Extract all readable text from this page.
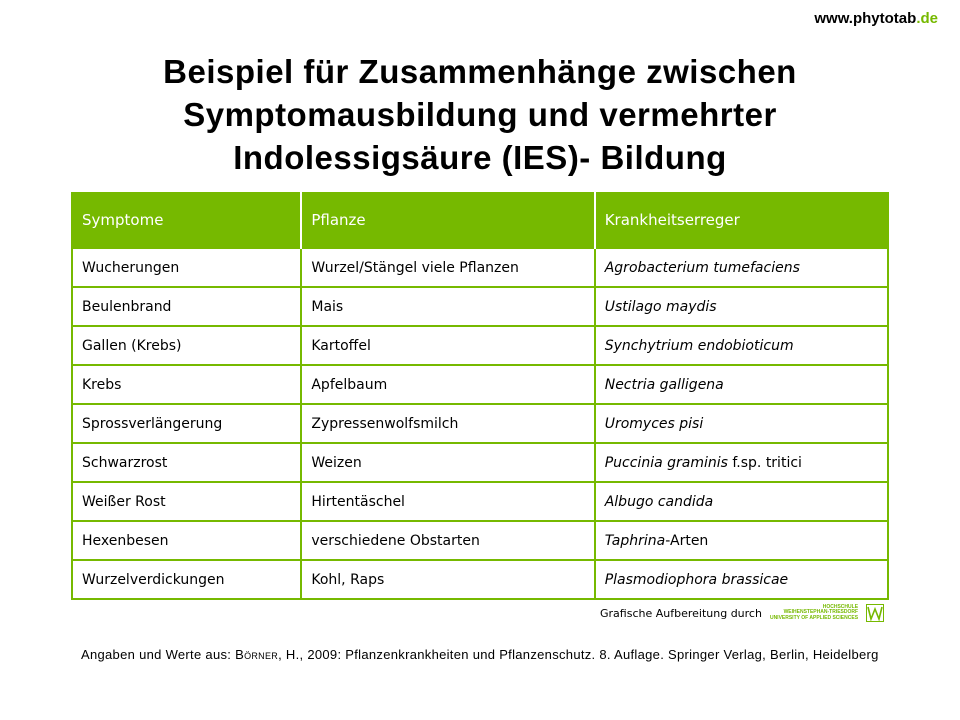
www.phytotab.de
Beispiel für Zusammenhänge zwischen
Symptomausbildung und vermehrter
Indolessigsäure (IES)- Bildung
Symptome	Pflanze	Krankheitserreger
Wucherungen	Wurzel/Stängel viele Pflanzen	Agrobacterium tumefaciens
Beulenbrand	Mais	Ustilago maydis
Gallen (Krebs)	Kartoffel	Synchytrium endobioticum
Krebs	Apfelbaum	Nectria galligena
Sprossverlängerung	Zypressenwolfsmilch	Uromyces pisi
Schwarzrost	Weizen	Puccinia graminis f.sp. tritici
Weißer Rost	Hirtentäschel	Albugo candida
Hexenbesen	verschiedene Obstarten	Taphrina-Arten
Wurzelverdickungen	Kohl, Raps	Plasmodiophora brassicae
Grafische Aufbereitung durch	HOCHSCHULE
WEIHENSTEPHAN-TRIESDORF
UNIVERSITY OF APPLIED SCIENCES
Angaben und Werte aus: Börner, H., 2009: Pflanzenkrankheiten und Pflanzenschutz. 8. Auflage. Springer Verlag, Berlin, Heidelberg
